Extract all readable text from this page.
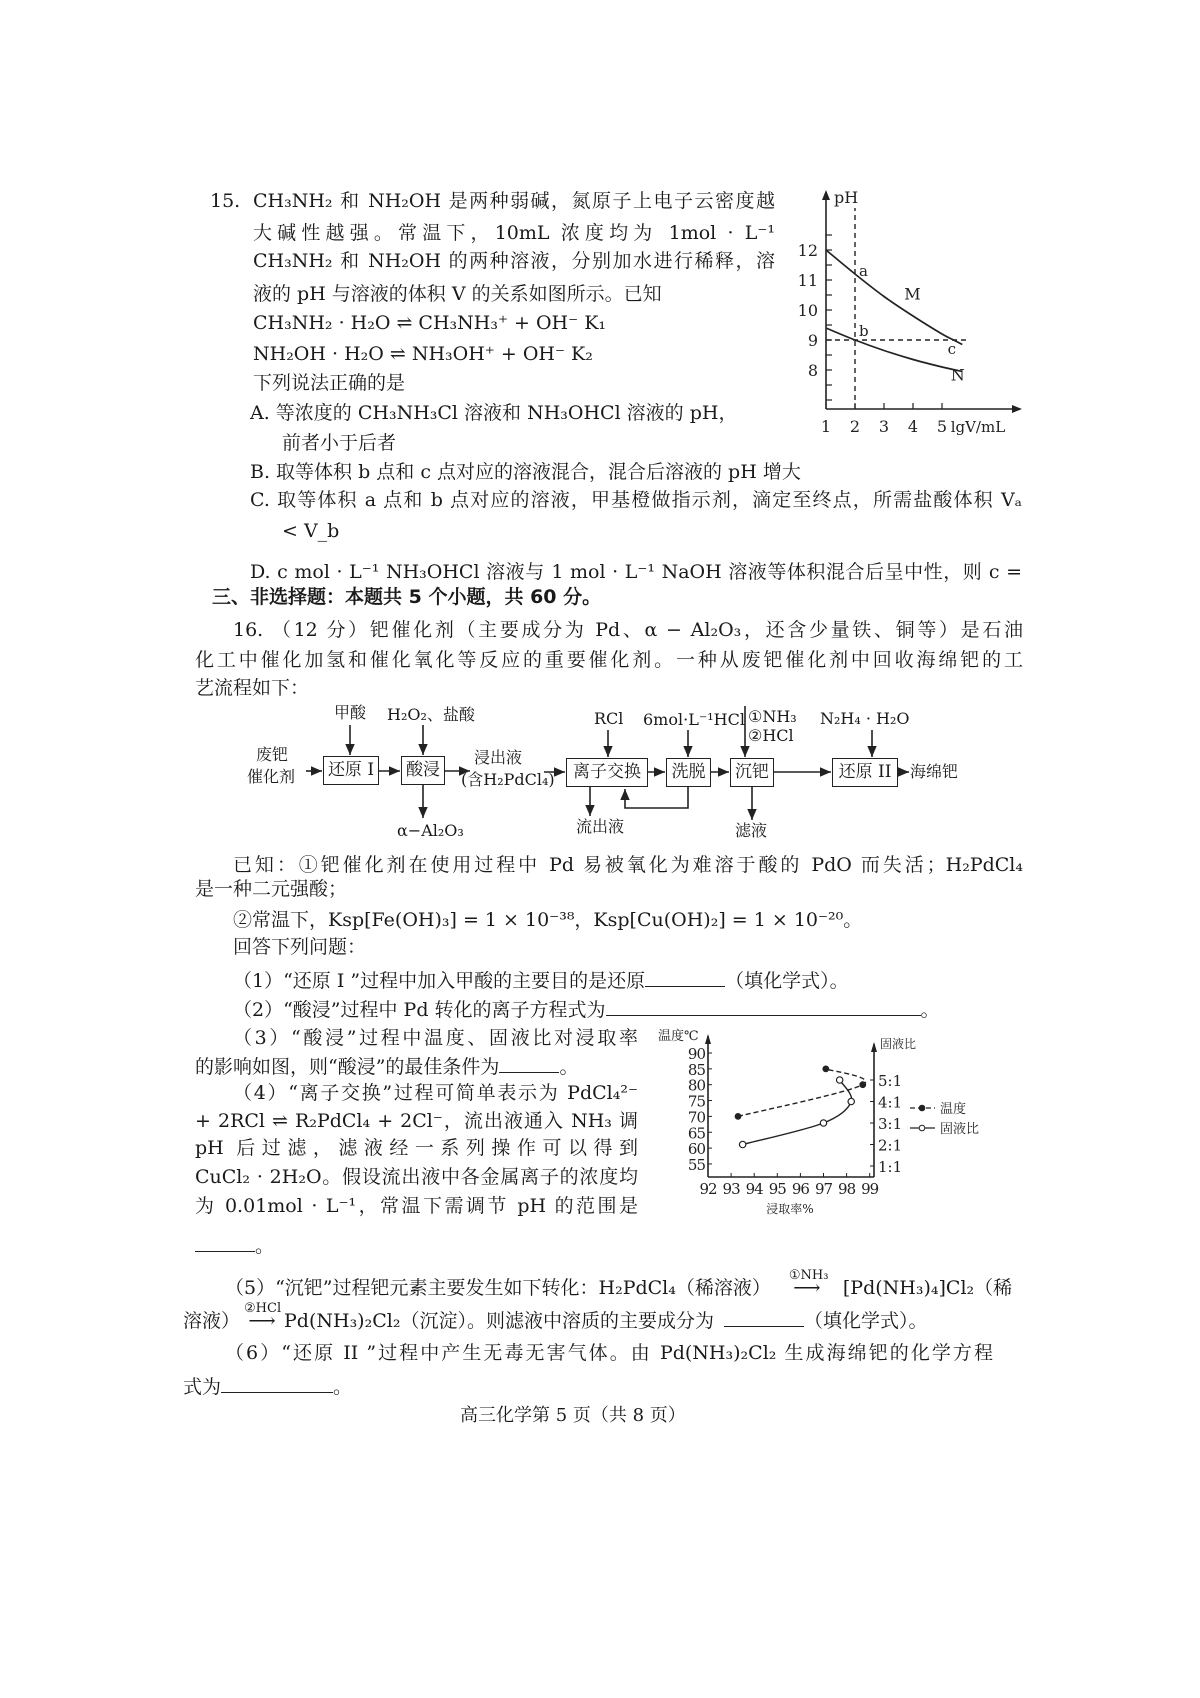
15. CH₃NH₂ 和 NH₂OH 是两种弱碱，氮原子上电子云密度越
大碱性越强。常温下，10mL 浓度均为 1mol · L⁻¹
CH₃NH₂ 和 NH₂OH 的两种溶液，分别加水进行稀释，溶
液的 pH 与溶液的体积 V 的关系如图所示。已知
CH₃NH₂ · H₂O ⇌ CH₃NH₃⁺ + OH⁻ K₁
NH₂OH · H₂O ⇌ NH₃OH⁺ + OH⁻ K₂
下列说法正确的是
A. 等浓度的 CH₃NH₃Cl 溶液和 NH₃OHCl 溶液的 pH，
前者小于后者
B. 取等体积 b 点和 c 点对应的溶液混合，混合后溶液的 pH 增大
C. 取等体积 a 点和 b 点对应的溶液，甲基橙做指示剂，滴定至终点，所需盐酸体积 Vₐ
< V_b
D. c mol · L⁻¹ NH₃OHCl 溶液与 1 mol · L⁻¹ NaOH 溶液等体积混合后呈中性，则 c =
pH
lgV/mL
8
9
10
11
12
1 2 3 4 5
M
N
a
b
c
三、非选择题：本题共 5 个小题，共 60 分。
16. （12 分）钯催化剂（主要成分为 Pd、α − Al₂O₃，还含少量铁、铜等）是石油
化工中催化加氢和催化氧化等反应的重要催化剂。一种从废钯催化剂中回收海绵钯的工
艺流程如下：
废钯
催化剂 还原 I 酸浸
浸出液
(含H₂PdCl₄)	离子交换	洗脱	沉钯	还原 II	海绵钯
甲酸 H₂O₂、盐酸	RCl 6mol·L⁻¹HCl ①NH₃
②HCl
N₂H₄ · H₂O
α−Al₂O₃	流出液	滤液
已知：①钯催化剂在使用过程中 Pd 易被氧化为难溶于酸的 PdO 而失活；H₂PdCl₄
是一种二元强酸；
②常温下，Ksp[Fe(OH)₃] = 1 × 10⁻³⁸，Ksp[Cu(OH)₂] = 1 × 10⁻²⁰。
回答下列问题：
（1）“还原 I ”过程中加入甲酸的主要目的是还原	（填化学式）。
（2）“酸浸”过程中 Pd 转化的离子方程式为	。
（3）“酸浸”过程中温度、固液比对浸取率
的影响如图，则“酸浸”的最佳条件为	。
（4）“离子交换”过程可简单表示为 PdCl₄²⁻
+ 2RCl ⇌ R₂PdCl₄ + 2Cl⁻，流出液通入 NH₃ 调
pH 后过滤，滤液经一系列操作可以得到
CuCl₂ · 2H₂O。假设流出液中各金属离子的浓度均
为 0.01mol · L⁻¹，常温下需调节 pH 的范围是
。
温度℃	固液比
浸取率%
55
60
65
70
75
80
85
90
1:1
2:1
3:1
4:1
5:1
92 93 94 95 96 97 98 99
温度
固液比
（5）“沉钯”过程钯元素主要发生如下转化：H₂PdCl₄（稀溶液）
①NH₃
⟶ [Pd(NH₃)₄]Cl₂（稀
溶液）
②HCl
⟶ Pd(NH₃)₂Cl₂（沉淀）。则滤液中溶质的主要成分为	（填化学式）。
（6）“还原 II ”过程中产生无毒无害气体。由 Pd(NH₃)₂Cl₂ 生成海绵钯的化学方程
式为	。
高三化学第 5 页（共 8 页）
